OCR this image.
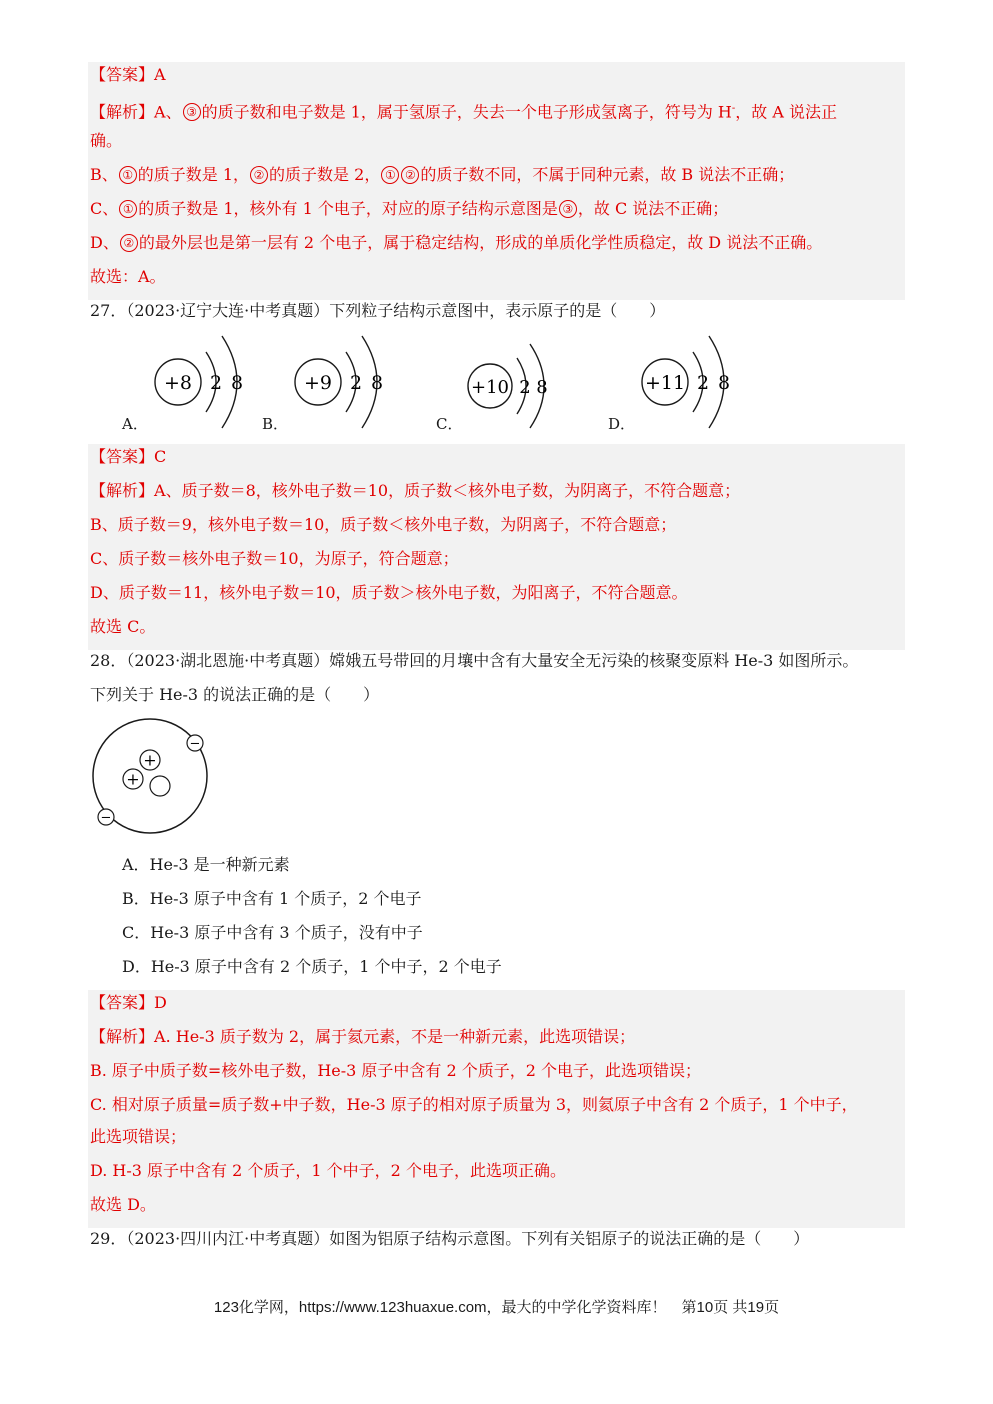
【答案】A
【解析】A、 ③ 的质子数和电子数是 1，属于氢原子，失去一个电子形成氢离子，符号为 H-，故 A 说法正
确。
B、 ① 的质子数是 1， ② 的质子数是 2， ① ② 的质子数不同，不属于同种元素，故 B 说法不正确；
C、 ① 的质子数是 1，核外有 1 个电子，对应的原子结构示意图是 ③ ，故 C 说法不正确；
D、 ② 的最外层也是第一层有 2 个电子，属于稳定结构，形成的单质化学性质稳定，故 D 说法不正确。
故选：A。
27．（2023·辽宁大连·中考真题）下列粒子结构示意图中，表示原子的是（　　）
+8 2 8	+9 2 8	+10 2 8	+11 2 8
A．	B．	C．	D．
【答案】C
【解析】A、质子数＝8，核外电子数＝10，质子数＜核外电子数，为阴离子，不符合题意；
B、质子数＝9，核外电子数＝10，质子数＜核外电子数，为阴离子，不符合题意；
C、质子数＝核外电子数＝10，为原子，符合题意；
D、质子数＝11，核外电子数＝10，质子数＞核外电子数，为阳离子，不符合题意。
故选 C。
28．（2023·湖北恩施·中考真题）嫦娥五号带回的月壤中含有大量安全无污染的核聚变原料 He-3 如图所示。
下列关于 He-3 的说法正确的是（　　）
+
+
−
−
A．He-3 是一种新元素
B．He-3 原子中含有 1 个质子，2 个电子
C．He-3 原子中含有 3 个质子，没有中子
D．He-3 原子中含有 2 个质子，1 个中子，2 个电子
【答案】D
【解析】A. He-3 质子数为 2，属于氦元素，不是一种新元素，此选项错误；
B. 原子中质子数=核外电子数，He-3 原子中含有 2 个质子，2 个电子，此选项错误；
C. 相对原子质量=质子数+中子数，He-3 原子的相对原子质量为 3，则氦原子中含有 2 个质子，1 个中子，
此选项错误；
D. H-3 原子中含有 2 个质子，1 个中子，2 个电子，此选项正确。
故选 D。
29．（2023·四川内江·中考真题）如图为铝原子结构示意图。下列有关铝原子的说法正确的是（　　）
123化学网，https://www.123huaxue.com，最大的中学化学资料库！　第10页 共19页
